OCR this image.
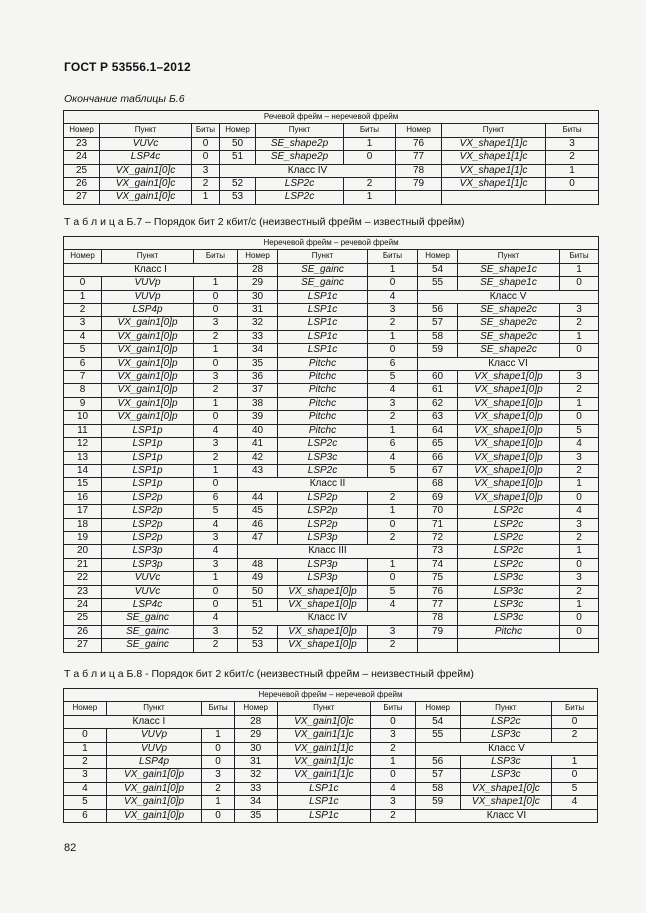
ГОСТ Р 53556.1–2012
Окончание таблицы Б.6
Речевой фрейм – неречевой фрейм								
Номер	Пункт	Биты	Номер	Пункт	Биты	Номер	Пункт	Биты
23	VUVc	0	50	SE_shape2p	1	76	VX_shape1[1]c	3
24	LSP4c	0	51	SE_shape2p	0	77	VX_shape1[1]c	2
25	VX_gain1[0]c	3	Класс IV			78	VX_shape1[1]c	1
26	VX_gain1[0]c	2	52	LSP2c	2	79	VX_shape1[1]c	0
27	VX_gain1[0]c	1	53	LSP2c	1			
Т а б л и ц а Б.7 – Порядок бит 2 кбит/с (неизвестный фрейм – известный фрейм)
Неречевой фрейм – речевой фрейм								
Номер	Пункт	Биты	Номер	Пункт	Биты	Номер	Пункт	Биты
Класс I			28	SE_gainc	1	54	SE_shape1c	1
0	VUVp	1	29	SE_gainc	0	55	SE_shape1c	0
1	VUVp	0	30	LSP1c	4	Класс V		
2	LSP4p	0	31	LSP1c	3	56	SE_shape2c	3
3	VX_gain1[0]p	3	32	LSP1c	2	57	SE_shape2c	2
4	VX_gain1[0]p	2	33	LSP1c	1	58	SE_shape2c	1
5	VX_gain1[0]p	1	34	LSP1c	0	59	SE_shape2c	0
6	VX_gain1[0]p	0	35	Pitchc	6	Класс VI		
7	VX_gain1[0]p	3	36	Pitchc	5	60	VX_shape1[0]p	3
8	VX_gain1[0]p	2	37	Pitchc	4	61	VX_shape1[0]p	2
9	VX_gain1[0]p	1	38	Pitchc	3	62	VX_shape1[0]p	1
10	VX_gain1[0]p	0	39	Pitchc	2	63	VX_shape1[0]p	0
11	LSP1p	4	40	Pitchc	1	64	VX_shape1[0]p	5
12	LSP1p	3	41	LSP2c	6	65	VX_shape1[0]p	4
13	LSP1p	2	42	LSP3c	4	66	VX_shape1[0]p	3
14	LSP1p	1	43	LSP2c	5	67	VX_shape1[0]p	2
15	LSP1p	0	Класс II			68	VX_shape1[0]p	1
16	LSP2p	6	44	LSP2p	2	69	VX_shape1[0]p	0
17	LSP2p	5	45	LSP2p	1	70	LSP2c	4
18	LSP2p	4	46	LSP2p	0	71	LSP2c	3
19	LSP2p	3	47	LSP3p	2	72	LSP2c	2
20	LSP3p	4	Класс III			73	LSP2c	1
21	LSP3p	3	48	LSP3p	1	74	LSP2c	0
22	VUVc	1	49	LSP3p	0	75	LSP3c	3
23	VUVc	0	50	VX_shape1[0]p	5	76	LSP3c	2
24	LSP4c	0	51	VX_shape1[0]p	4	77	LSP3c	1
25	SE_gainc	4	Класс IV			78	LSP3c	0
26	SE_gainc	3	52	VX_shape1[0]p	3	79	Pitchc	0
27	SE_gainc	2	53	VX_shape1[0]p	2			
Т а б л и ц а Б.8 - Порядок бит 2 кбит/с (неизвестный фрейм – неизвестный фрейм)
Неречевой фрейм – неречевой фрейм								
Номер	Пункт	Биты	Номер	Пункт	Биты	Номер	Пункт	Биты
Класс I			28	VX_gain1[0]c	0	54	LSP2c	0
0	VUVp	1	29	VX_gain1[1]c	3	55	LSP3c	2
1	VUVp	0	30	VX_gain1[1]c	2	Класс V		
2	LSP4p	0	31	VX_gain1[1]c	1	56	LSP3c	1
3	VX_gain1[0]p	3	32	VX_gain1[1]c	0	57	LSP3c	0
4	VX_gain1[0]p	2	33	LSP1c	4	58	VX_shape1[0]c	5
5	VX_gain1[0]p	1	34	LSP1c	3	59	VX_shape1[0]c	4
6	VX_gain1[0]p	0	35	LSP1c	2	Класс VI		
82
